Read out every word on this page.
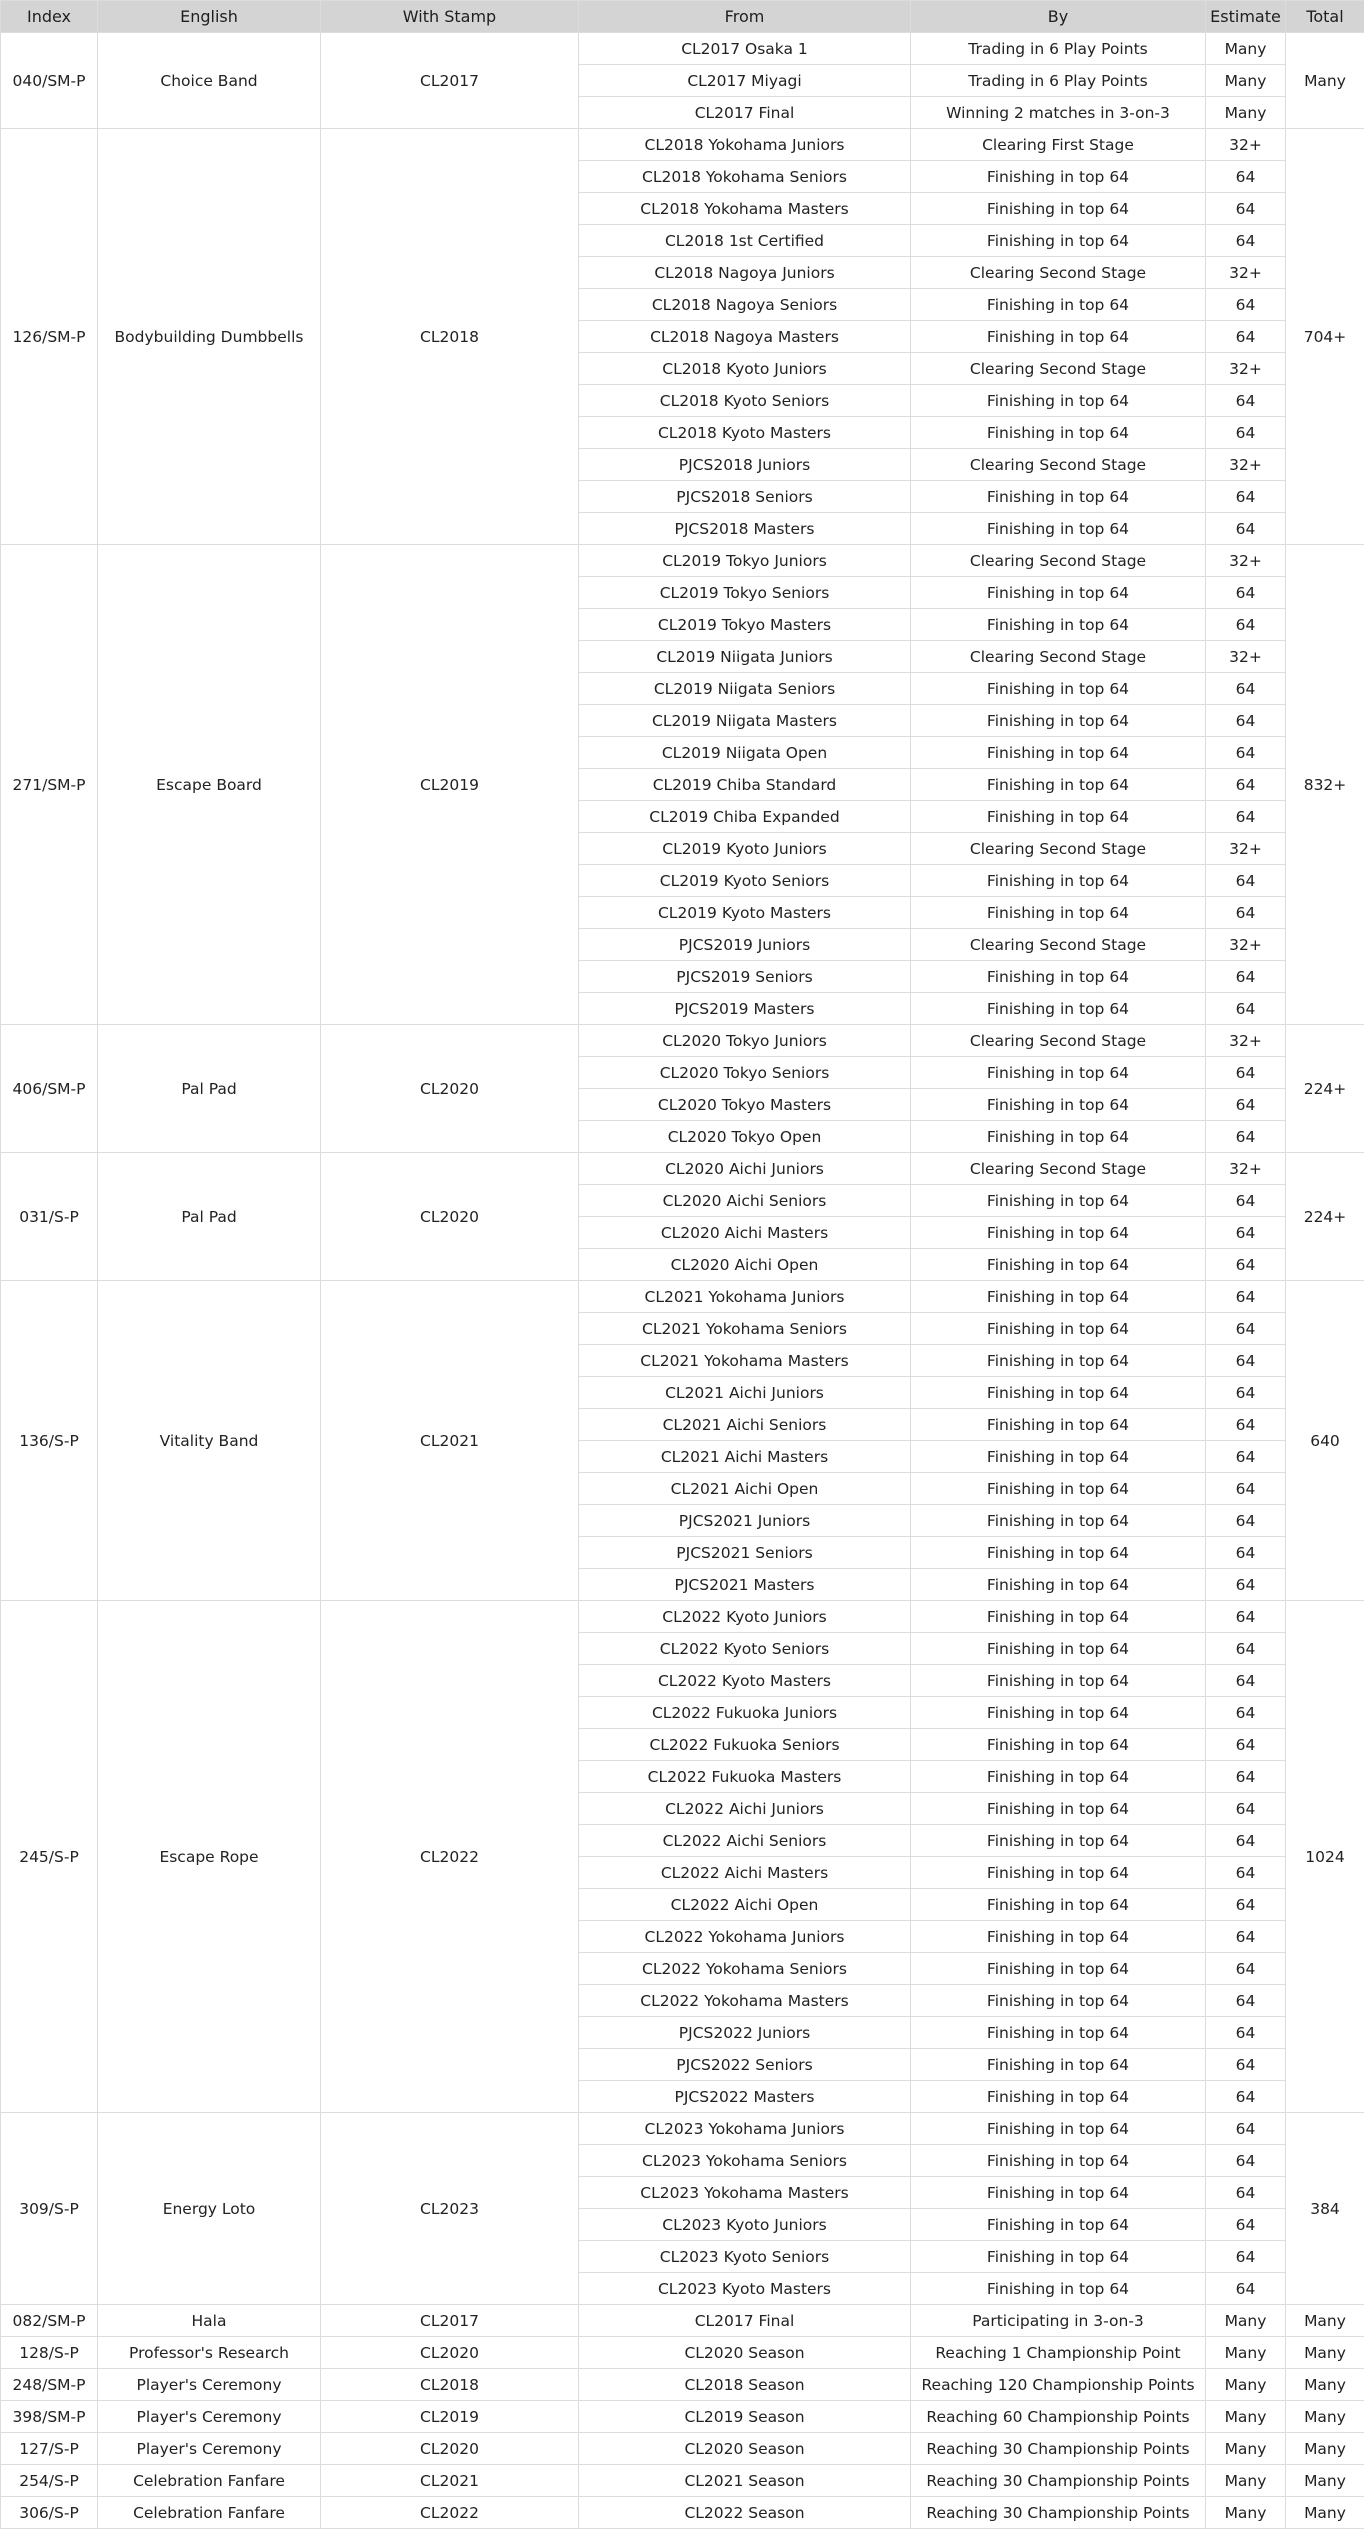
Index	English	With Stamp	From	By	Estimate	Total
040/SM-P	Choice Band	CL2017	CL2017 Osaka 1	Trading in 6 Play Points	Many	Many
			CL2017 Miyagi	Trading in 6 Play Points	Many	
			CL2017 Final	Winning 2 matches in 3-on-3	Many	
126/SM-P	Bodybuilding Dumbbells	CL2018	CL2018 Yokohama Juniors	Clearing First Stage	32+	704+
			CL2018 Yokohama Seniors	Finishing in top 64	64	
			CL2018 Yokohama Masters	Finishing in top 64	64	
			CL2018 1st Certified	Finishing in top 64	64	
			CL2018 Nagoya Juniors	Clearing Second Stage	32+	
			CL2018 Nagoya Seniors	Finishing in top 64	64	
			CL2018 Nagoya Masters	Finishing in top 64	64	
			CL2018 Kyoto Juniors	Clearing Second Stage	32+	
			CL2018 Kyoto Seniors	Finishing in top 64	64	
			CL2018 Kyoto Masters	Finishing in top 64	64	
			PJCS2018 Juniors	Clearing Second Stage	32+	
			PJCS2018 Seniors	Finishing in top 64	64	
			PJCS2018 Masters	Finishing in top 64	64	
271/SM-P	Escape Board	CL2019	CL2019 Tokyo Juniors	Clearing Second Stage	32+	832+
			CL2019 Tokyo Seniors	Finishing in top 64	64	
			CL2019 Tokyo Masters	Finishing in top 64	64	
			CL2019 Niigata Juniors	Clearing Second Stage	32+	
			CL2019 Niigata Seniors	Finishing in top 64	64	
			CL2019 Niigata Masters	Finishing in top 64	64	
			CL2019 Niigata Open	Finishing in top 64	64	
			CL2019 Chiba Standard	Finishing in top 64	64	
			CL2019 Chiba Expanded	Finishing in top 64	64	
			CL2019 Kyoto Juniors	Clearing Second Stage	32+	
			CL2019 Kyoto Seniors	Finishing in top 64	64	
			CL2019 Kyoto Masters	Finishing in top 64	64	
			PJCS2019 Juniors	Clearing Second Stage	32+	
			PJCS2019 Seniors	Finishing in top 64	64	
			PJCS2019 Masters	Finishing in top 64	64	
406/SM-P	Pal Pad	CL2020	CL2020 Tokyo Juniors	Clearing Second Stage	32+	224+
			CL2020 Tokyo Seniors	Finishing in top 64	64	
			CL2020 Tokyo Masters	Finishing in top 64	64	
			CL2020 Tokyo Open	Finishing in top 64	64	
031/S-P	Pal Pad	CL2020	CL2020 Aichi Juniors	Clearing Second Stage	32+	224+
			CL2020 Aichi Seniors	Finishing in top 64	64	
			CL2020 Aichi Masters	Finishing in top 64	64	
			CL2020 Aichi Open	Finishing in top 64	64	
136/S-P	Vitality Band	CL2021	CL2021 Yokohama Juniors	Finishing in top 64	64	640
			CL2021 Yokohama Seniors	Finishing in top 64	64	
			CL2021 Yokohama Masters	Finishing in top 64	64	
			CL2021 Aichi Juniors	Finishing in top 64	64	
			CL2021 Aichi Seniors	Finishing in top 64	64	
			CL2021 Aichi Masters	Finishing in top 64	64	
			CL2021 Aichi Open	Finishing in top 64	64	
			PJCS2021 Juniors	Finishing in top 64	64	
			PJCS2021 Seniors	Finishing in top 64	64	
			PJCS2021 Masters	Finishing in top 64	64	
245/S-P	Escape Rope	CL2022	CL2022 Kyoto Juniors	Finishing in top 64	64	1024
			CL2022 Kyoto Seniors	Finishing in top 64	64	
			CL2022 Kyoto Masters	Finishing in top 64	64	
			CL2022 Fukuoka Juniors	Finishing in top 64	64	
			CL2022 Fukuoka Seniors	Finishing in top 64	64	
			CL2022 Fukuoka Masters	Finishing in top 64	64	
			CL2022 Aichi Juniors	Finishing in top 64	64	
			CL2022 Aichi Seniors	Finishing in top 64	64	
			CL2022 Aichi Masters	Finishing in top 64	64	
			CL2022 Aichi Open	Finishing in top 64	64	
			CL2022 Yokohama Juniors	Finishing in top 64	64	
			CL2022 Yokohama Seniors	Finishing in top 64	64	
			CL2022 Yokohama Masters	Finishing in top 64	64	
			PJCS2022 Juniors	Finishing in top 64	64	
			PJCS2022 Seniors	Finishing in top 64	64	
			PJCS2022 Masters	Finishing in top 64	64	
309/S-P	Energy Loto	CL2023	CL2023 Yokohama Juniors	Finishing in top 64	64	384
			CL2023 Yokohama Seniors	Finishing in top 64	64	
			CL2023 Yokohama Masters	Finishing in top 64	64	
			CL2023 Kyoto Juniors	Finishing in top 64	64	
			CL2023 Kyoto Seniors	Finishing in top 64	64	
			CL2023 Kyoto Masters	Finishing in top 64	64	
082/SM-P	Hala	CL2017	CL2017 Final	Participating in 3-on-3	Many	Many
128/S-P	Professor's Research	CL2020	CL2020 Season	Reaching 1 Championship Point	Many	Many
248/SM-P	Player's Ceremony	CL2018	CL2018 Season	Reaching 120 Championship Points	Many	Many
398/SM-P	Player's Ceremony	CL2019	CL2019 Season	Reaching 60 Championship Points	Many	Many
127/S-P	Player's Ceremony	CL2020	CL2020 Season	Reaching 30 Championship Points	Many	Many
254/S-P	Celebration Fanfare	CL2021	CL2021 Season	Reaching 30 Championship Points	Many	Many
306/S-P	Celebration Fanfare	CL2022	CL2022 Season	Reaching 30 Championship Points	Many	Many
